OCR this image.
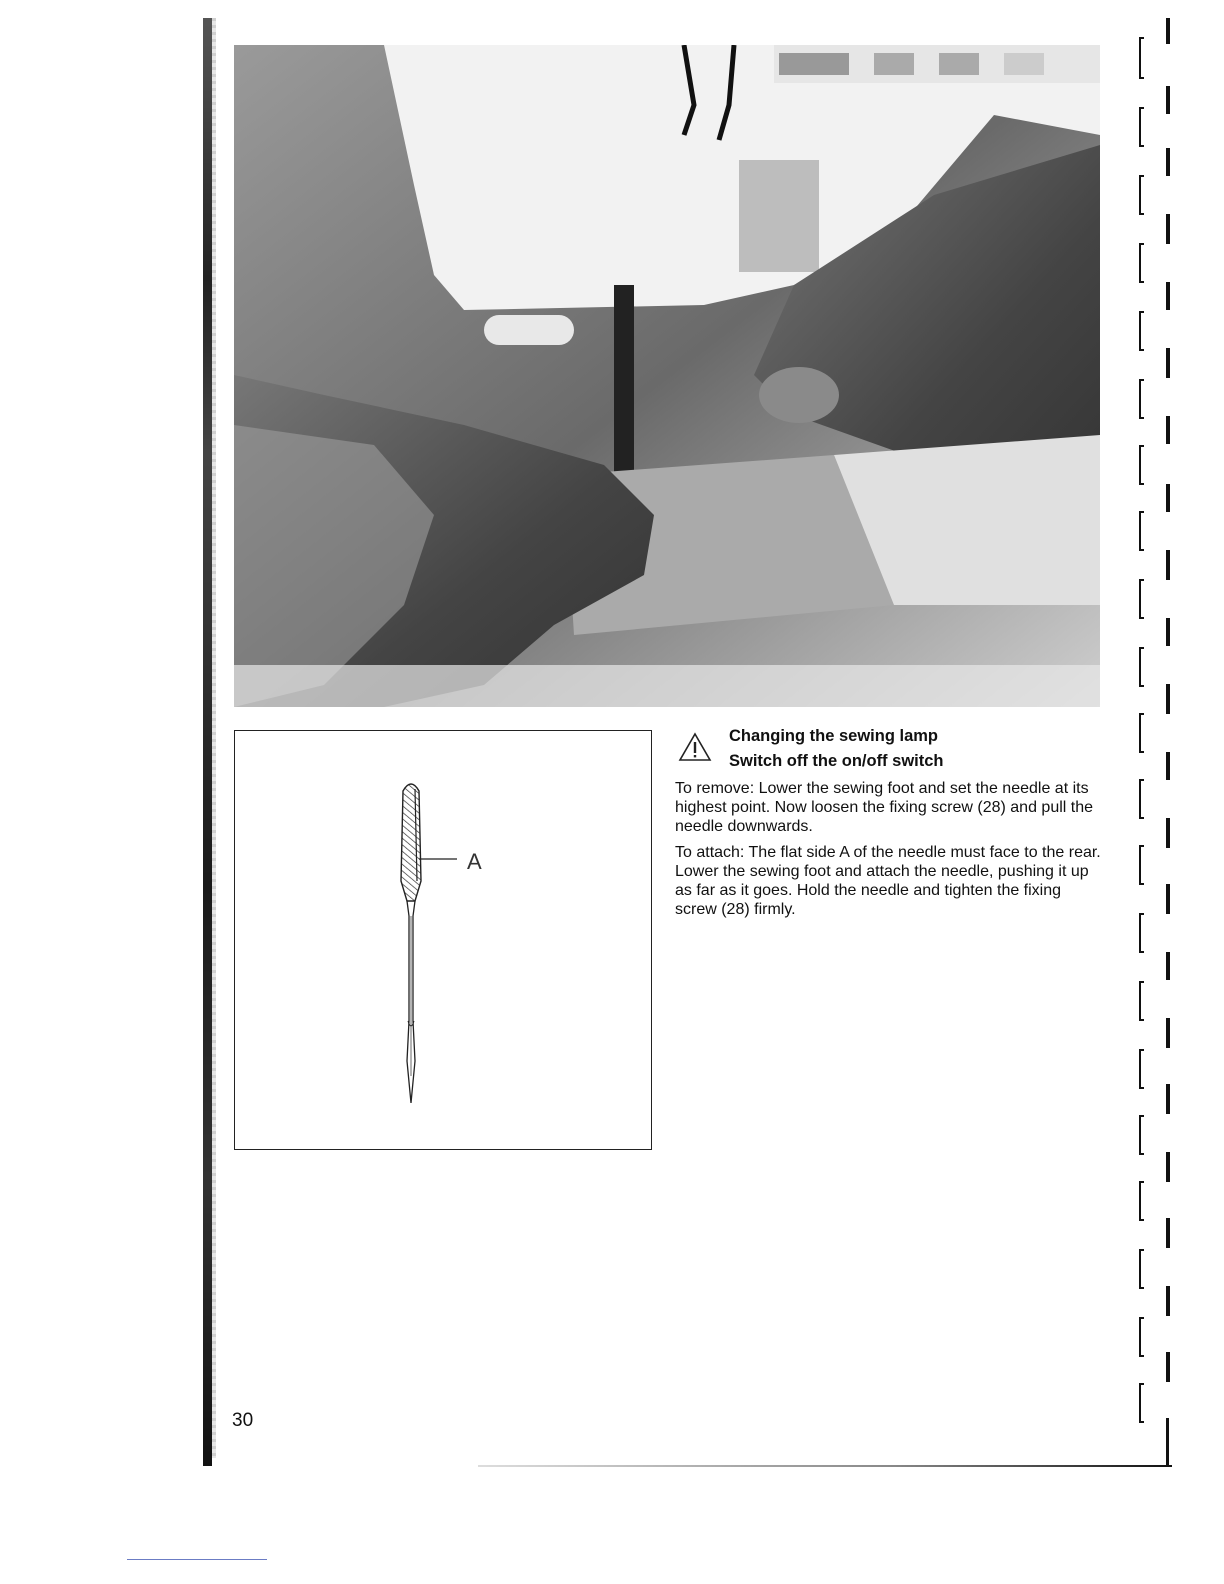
A
Changing the sewing lamp
Switch off the on/off switch

To remove: Lower the sewing foot and set the needle at its highest point. Now loosen the fixing screw (28) and pull the needle downwards.

To attach: The flat side A of the needle must face to the rear. Lower the sewing foot and attach the needle, pushing it up as far as it goes. Hold the needle and tighten the fixing screw (28) firmly.

30
